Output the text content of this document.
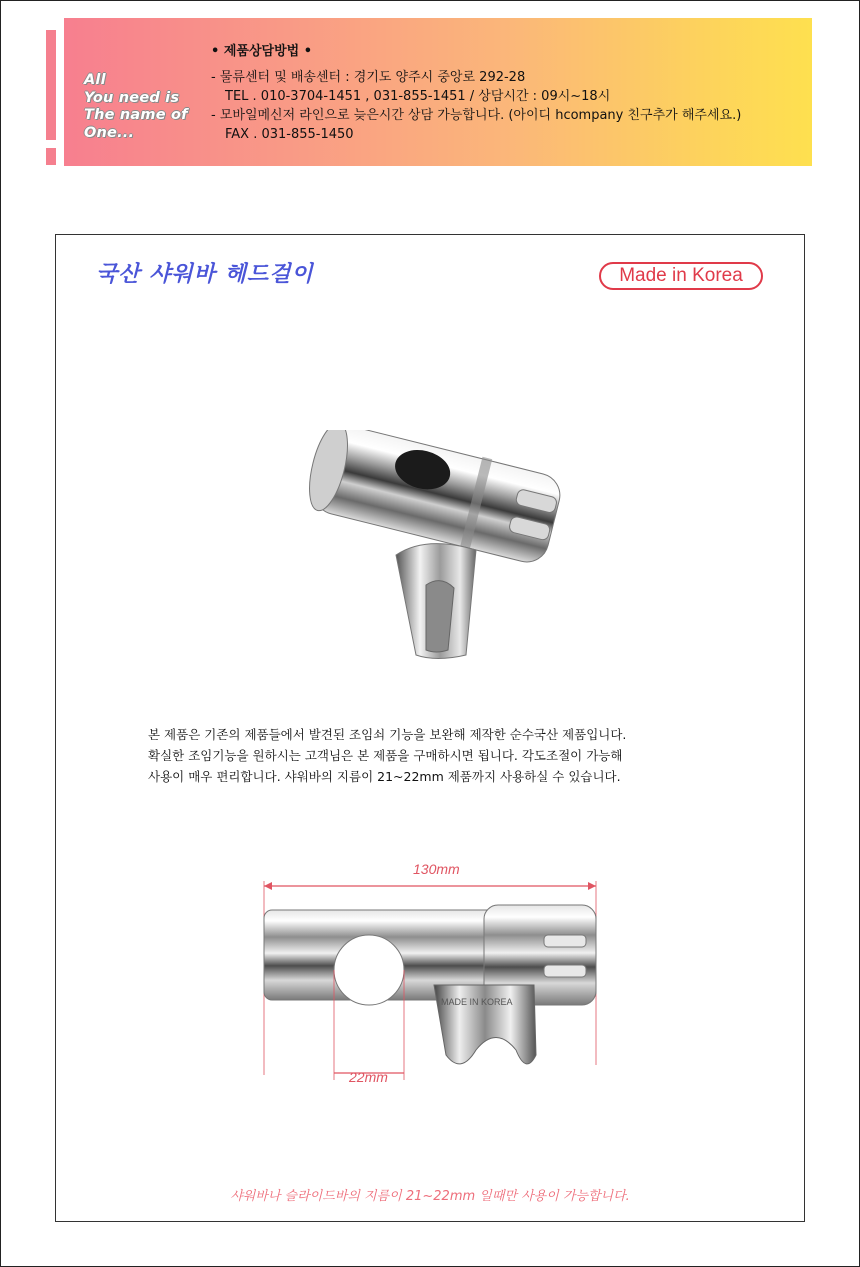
All
You need is
The name of
One...
• 제품상담방법 •
- 물류센터 및 배송센터 : 경기도 양주시 중앙로 292-28
TEL . 010-3704-1451 , 031-855-1451 / 상담시간 : 09시~18시
- 모바일메신저 라인으로 늦은시간 상담 가능합니다. (아이디 hcompany 친구추가 해주세요.)
FAX . 031-855-1450
국산 샤워바 헤드걸이	Made in Korea
본 제품은 기존의 제품들에서 발견된 조임쇠 기능을 보완해 제작한 순수국산 제품입니다.
확실한 조임기능을 원하시는 고객님은 본 제품을 구매하시면 됩니다. 각도조절이 가능해
사용이 매우 편리합니다. 샤워바의 지름이 21~22mm 제품까지 사용하실 수 있습니다.
130mm
22mm
MADE IN KOREA
샤워바나 슬라이드바의 지름이 21~22mm 일때만 사용이 가능합니다.
